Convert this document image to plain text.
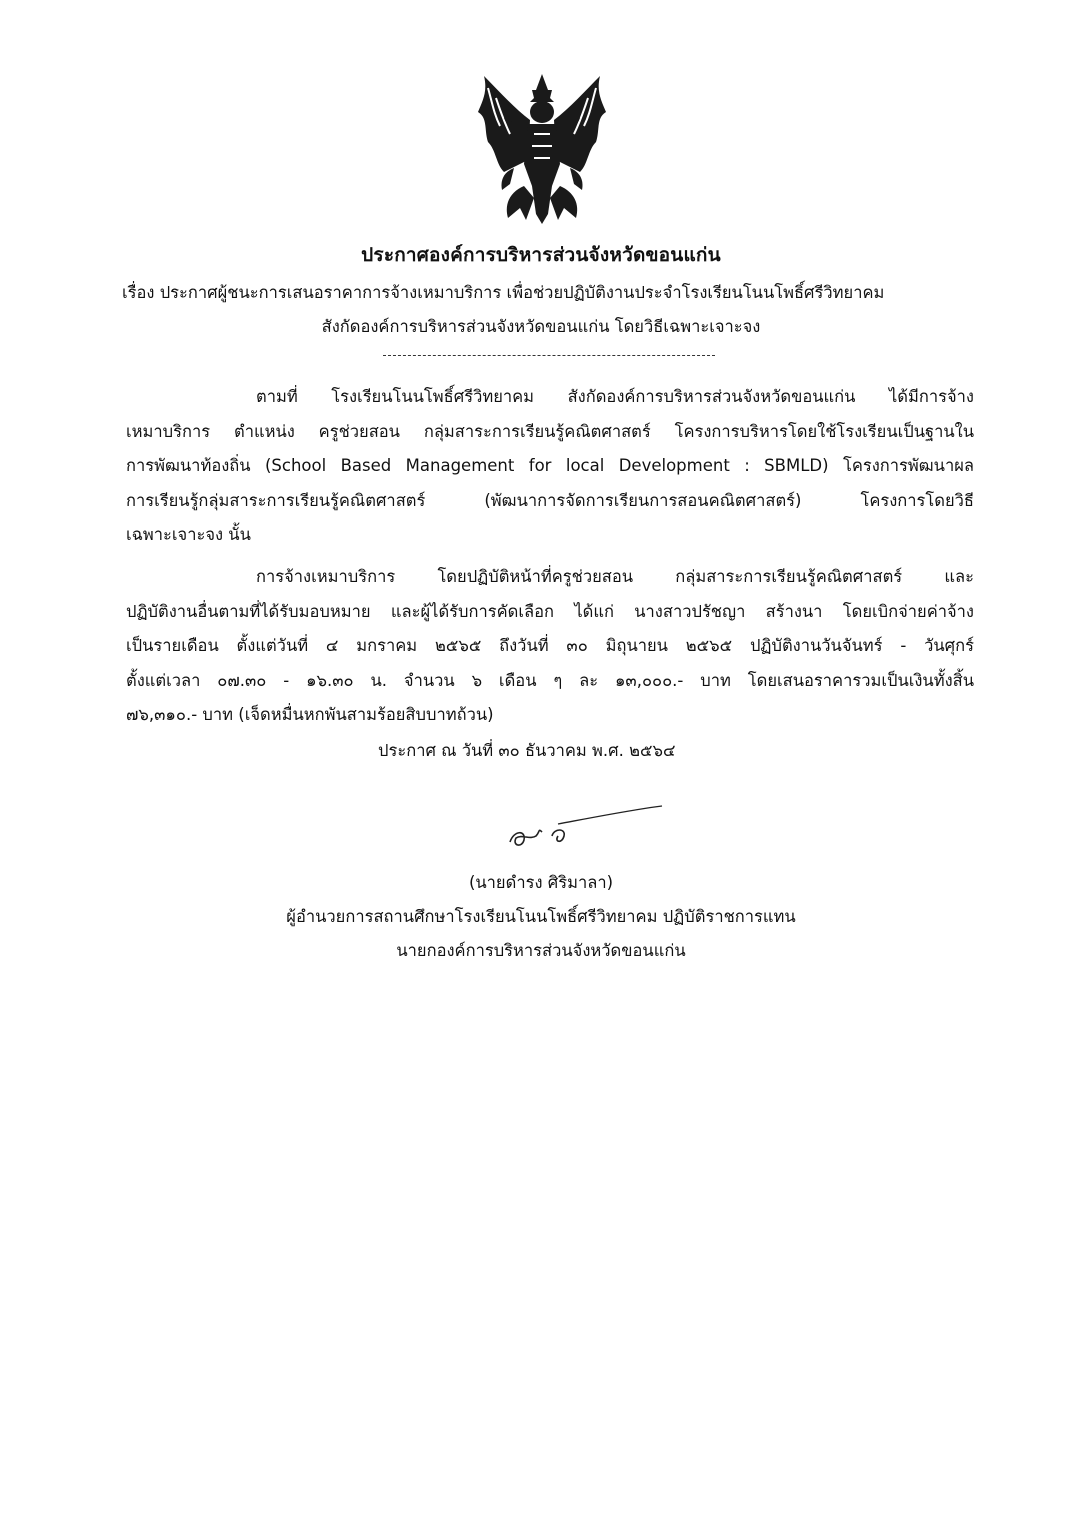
ประกาศองค์การบริหารส่วนจังหวัดขอนแก่น
เรื่อง ประกาศผู้ชนะการเสนอราคาการจ้างเหมาบริการ เพื่อช่วยปฏิบัติงานประจำโรงเรียนโนนโพธิ์ศรีวิทยาคม
สังกัดองค์การบริหารส่วนจังหวัดขอนแก่น โดยวิธีเฉพาะเจาะจง
ตามที่ โรงเรียนโนนโพธิ์ศรีวิทยาคม สังกัดองค์การบริหารส่วนจังหวัดขอนแก่น ได้มีการจ้าง
เหมาบริการ ตำแหน่ง ครูช่วยสอน กลุ่มสาระการเรียนรู้คณิตศาสตร์ โครงการบริหารโดยใช้โรงเรียนเป็นฐานใน
การพัฒนาท้องถิ่น (School Based Management for local Development : SBMLD) โครงการพัฒนาผล
การเรียนรู้กลุ่มสาระการเรียนรู้คณิตศาสตร์ (พัฒนาการจัดการเรียนการสอนคณิตศาสตร์) โครงการโดยวิธี
เฉพาะเจาะจง นั้น
การจ้างเหมาบริการ โดยปฏิบัติหน้าที่ครูช่วยสอน กลุ่มสาระการเรียนรู้คณิตศาสตร์ และ
ปฏิบัติงานอื่นตามที่ได้รับมอบหมาย และผู้ได้รับการคัดเลือก ได้แก่ นางสาวปรัชญา สร้างนา โดยเบิกจ่ายค่าจ้าง
เป็นรายเดือน ตั้งแต่วันที่ ๔ มกราคม ๒๕๖๕ ถึงวันที่ ๓๐ มิถุนายน ๒๕๖๕ ปฏิบัติงานวันจันทร์ - วันศุกร์
ตั้งแต่เวลา ๐๗.๓๐ - ๑๖.๓๐ น. จำนวน ๖ เดือน ๆ ละ ๑๓,๐๐๐.- บาท โดยเสนอราคารวมเป็นเงินทั้งสิ้น
๗๖,๓๑๐.- บาท (เจ็ดหมื่นหกพันสามร้อยสิบบาทถ้วน)
ประกาศ ณ วันที่ ๓๐ ธันวาคม พ.ศ. ๒๕๖๔
(นายดำรง ศิริมาลา)
ผู้อำนวยการสถานศึกษาโรงเรียนโนนโพธิ์ศรีวิทยาคม ปฏิบัติราชการแทน
นายกองค์การบริหารส่วนจังหวัดขอนแก่น
